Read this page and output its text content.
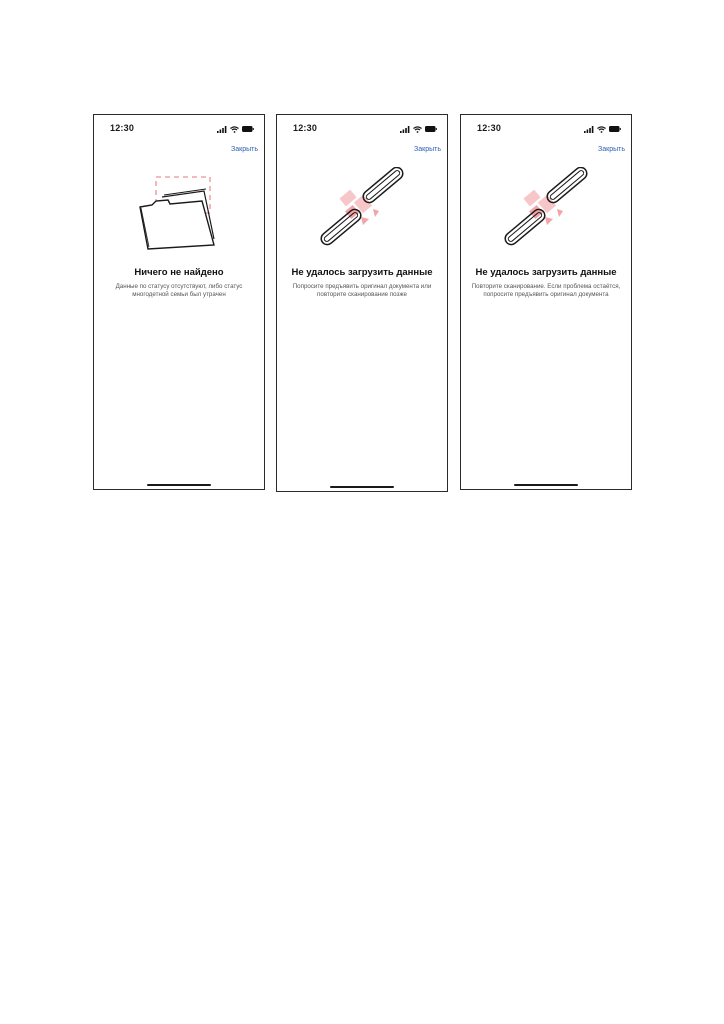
12:30
Закрыть
Ничего не найдено
Данные по статусу отсутствуют, либо статус многодетной семьи был утрачен
12:30
Закрыть
Не удалось загрузить данные
Попросите предъявить оригинал документа или повторите сканирование позже
12:30
Закрыть
Не удалось загрузить данные
Повторите сканирование. Если проблема остаётся, попросите предъявить оригинал документа
